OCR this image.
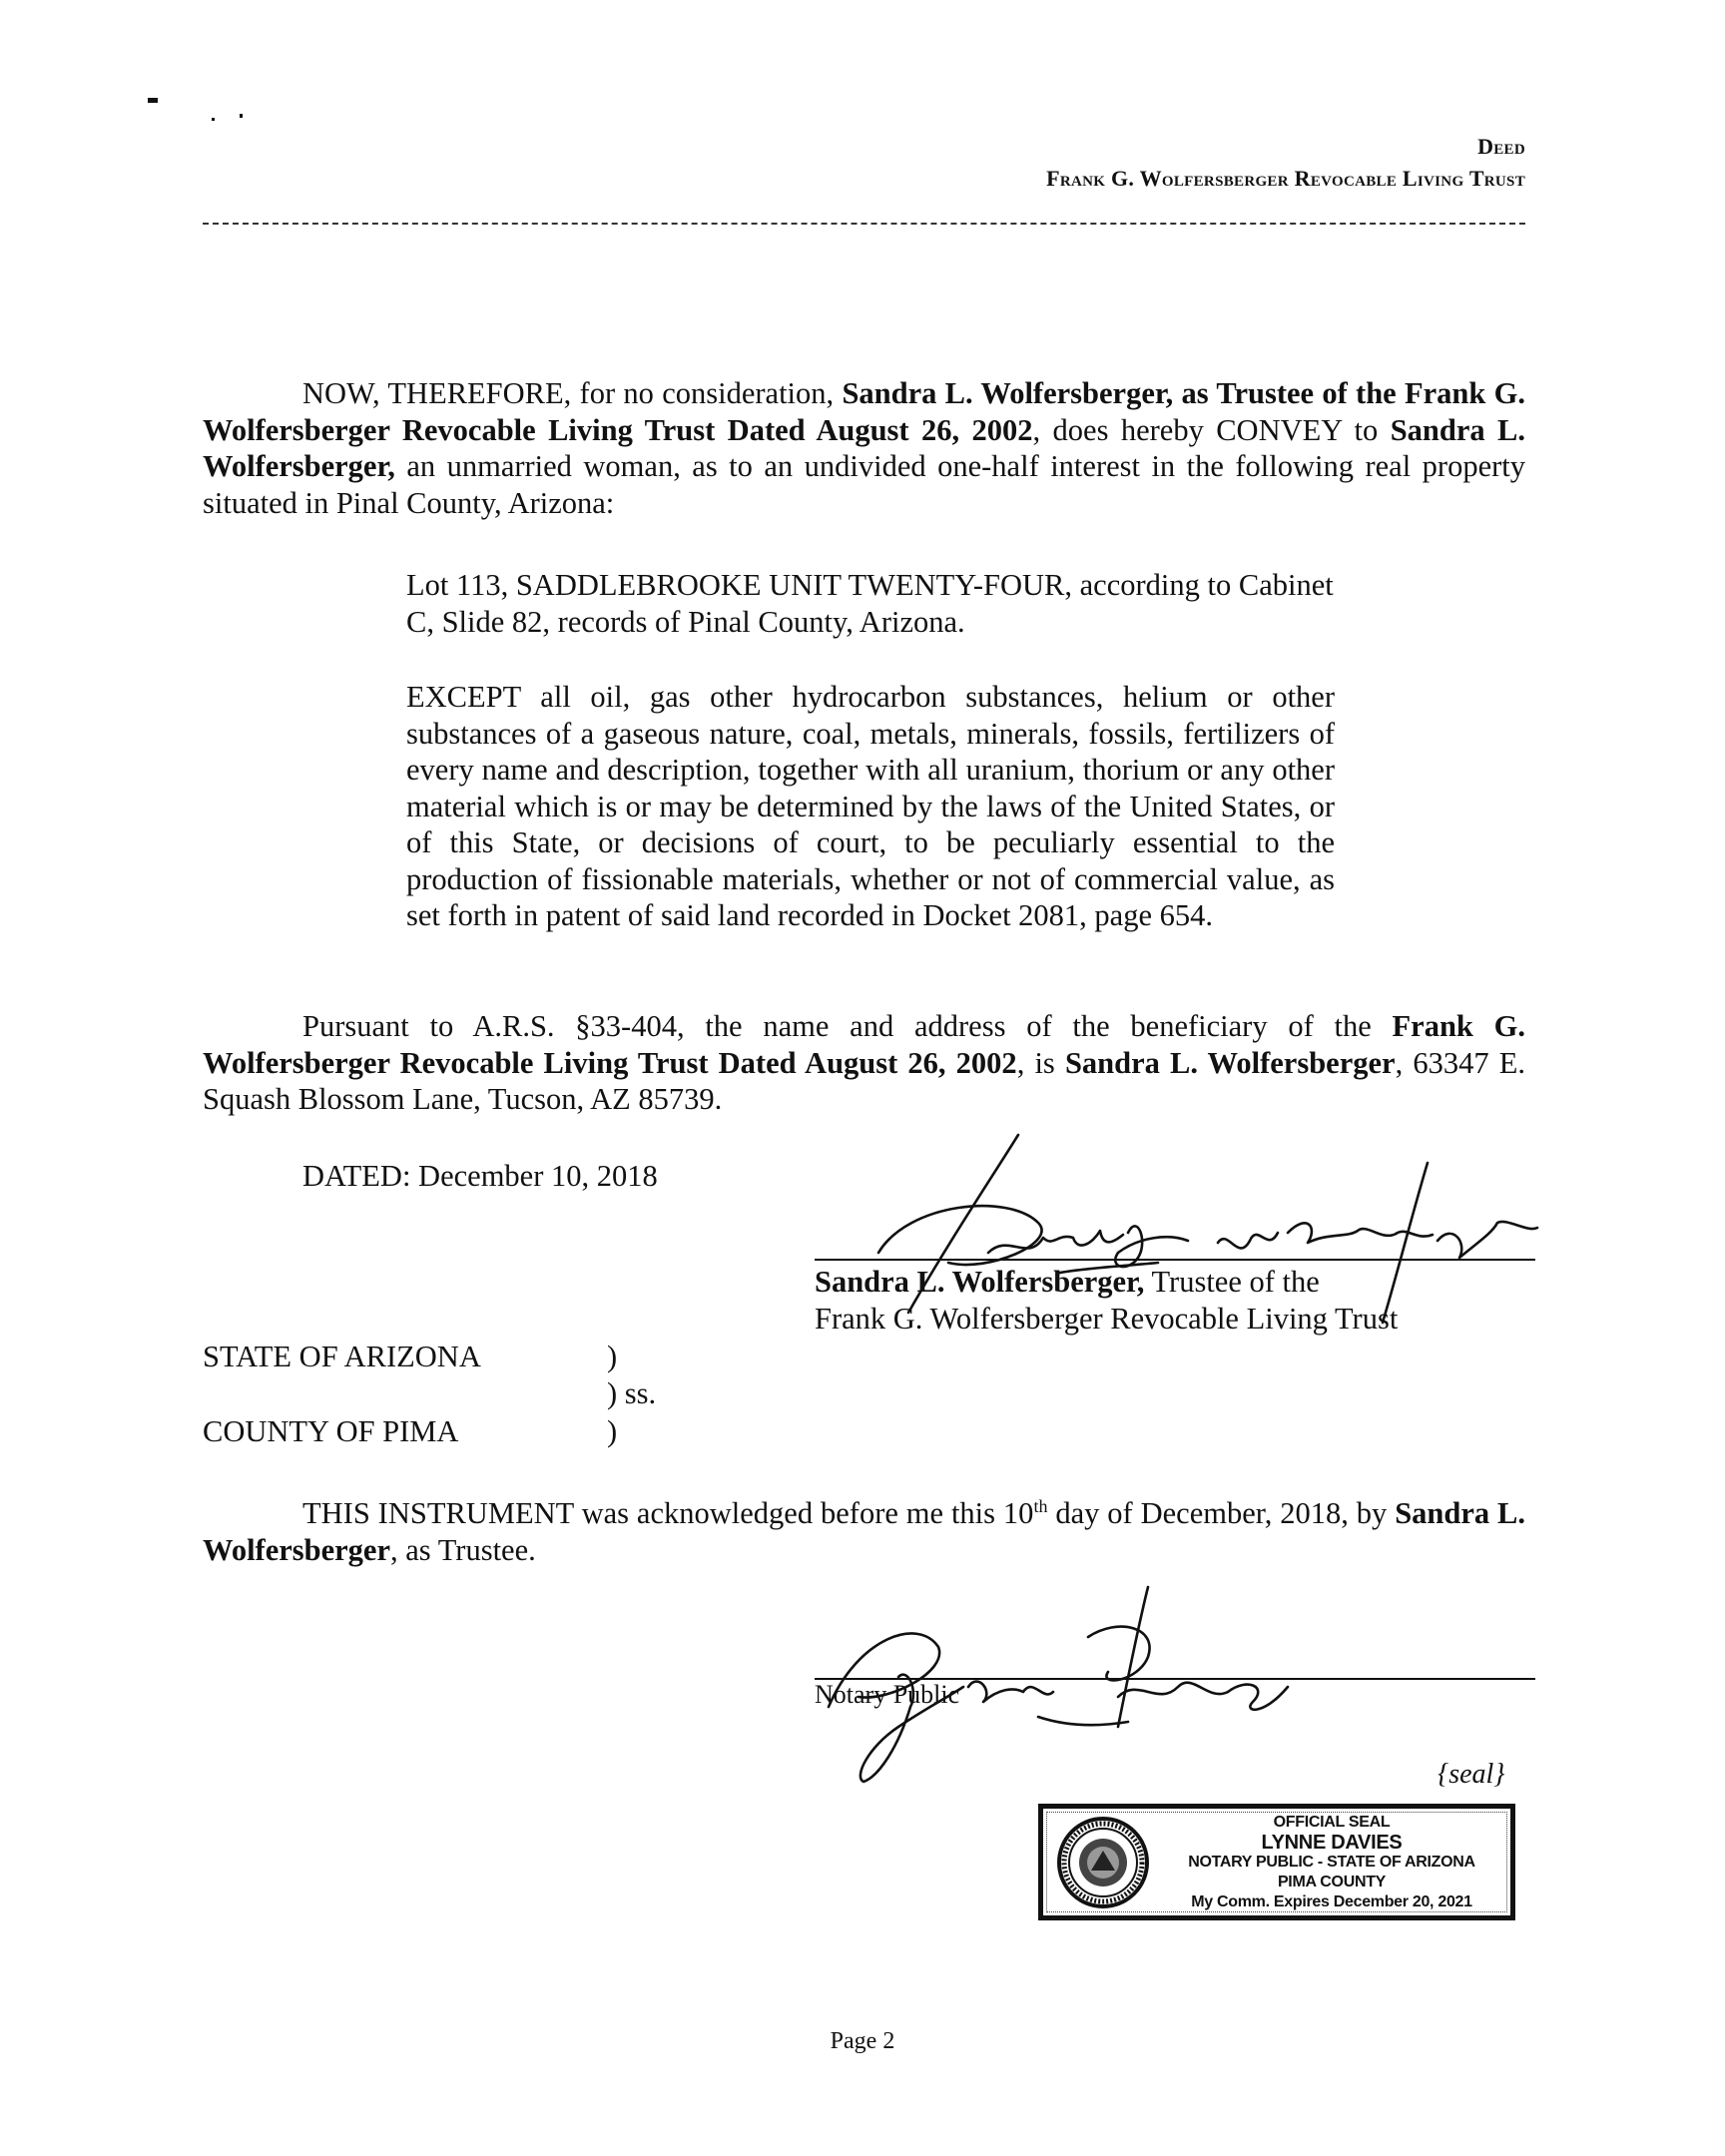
Deed
Frank G. Wolfersberger Revocable Living Trust

NOW, THEREFORE, for no consideration, Sandra L. Wolfersberger, as Trustee of the Frank G. Wolfersberger Revocable Living Trust Dated August 26, 2002, does hereby CONVEY to Sandra L. Wolfersberger, an unmarried woman, as to an undivided one-half interest in the following real property situated in Pinal County, Arizona:

Lot 113, SADDLEBROOKE UNIT TWENTY-FOUR, according to Cabinet C, Slide 82, records of Pinal County, Arizona.

EXCEPT all oil, gas other hydrocarbon substances, helium or other substances of a gaseous nature, coal, metals, minerals, fossils, fertilizers of every name and description, together with all uranium, thorium or any other material which is or may be determined by the laws of the United States, or of this State, or decisions of court, to be peculiarly essential to the production of fissionable materials, whether or not of commercial value, as set forth in patent of said land recorded in Docket 2081, page 654.

Pursuant to A.R.S. §33-404, the name and address of the beneficiary of the Frank G. Wolfersberger Revocable Living Trust Dated August 26, 2002, is Sandra L. Wolfersberger, 63347 E. Squash Blossom Lane, Tucson, AZ 85739.

DATED: December 10, 2018

Sandra L. Wolfersberger, Trustee of the

Frank G. Wolfersberger Revocable Living Trust

STATE OF ARIZONA	)

) ss.

COUNTY OF PIMA	)

THIS INSTRUMENT was acknowledged before me this 10th day of December, 2018, by Sandra L. Wolfersberger, as Trustee.

Notary Public

{seal}

OFFICIAL SEAL
LYNNE DAVIES
NOTARY PUBLIC - STATE OF ARIZONA
PIMA COUNTY
My Comm. Expires December 20, 2021
Page 2
